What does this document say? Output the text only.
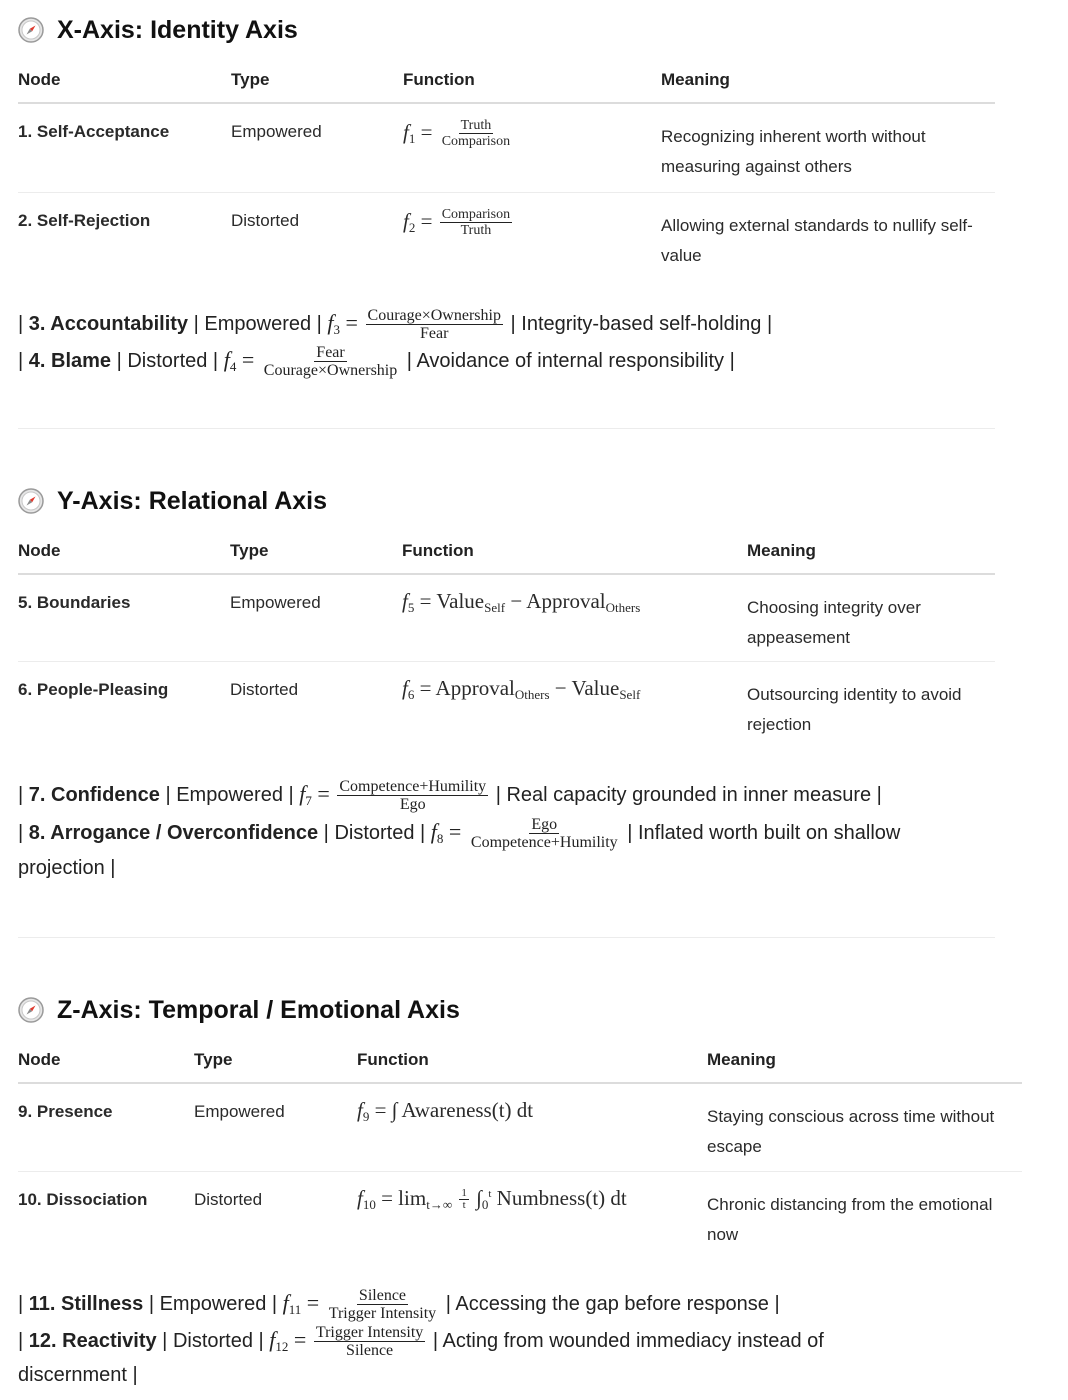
X-Axis: Identity Axis
Node	Type	Function	Meaning
1. Self-Acceptance	Empowered	$f_1 = \frac{\text{Truth}}{\text{Comparison}}$	Recognizing inherent worth without measuring against others
2. Self-Rejection	Distorted	$f_2 = \frac{\text{Comparison}}{\text{Truth}}$	Allowing external standards to nullify self-value
| 3. Accountability | Empowered | $f_3 = \frac{\text{Courage×Ownership}}{\text{Fear}}$ | Integrity-based self-holding |
| 4. Blame | Distorted | $f_4 = \frac{\text{Fear}}{\text{Courage×Ownership}}$ | Avoidance of internal responsibility |
Y-Axis: Relational Axis
Node	Type	Function	Meaning
5. Boundaries	Empowered	$f_5$ = Value$_{Self}$ − Approval$_{Others}$	Choosing integrity over appeasement
6. People-Pleasing	Distorted	$f_6$ = Approval$_{Others}$ − Value$_{Self}$	Outsourcing identity to avoid rejection
| 7. Confidence | Empowered | $f_7 = \frac{\text{Competence+Humility}}{\text{Ego}}$ | Real capacity grounded in inner measure |
| 8. Arrogance / Overconfidence | Distorted | $f_8 = \frac{\text{Ego}}{\text{Competence+Humility}}$ | Inflated worth built on shallow
projection |
Z-Axis: Temporal / Emotional Axis
Node	Type	Function	Meaning
9. Presence	Empowered	$f_9$ = ∫ Awareness(t) dt	Staying conscious across time without escape
10. Dissociation	Distorted	$f_{10} = \lim_{t\to\infty} \frac{1}{t} \int_0^t$ Numbness(t) dt	Chronic distancing from the emotional now
| 11. Stillness | Empowered | $f_{11} = \frac{\text{Silence}}{\text{Trigger Intensity}}$ | Accessing the gap before response |
| 12. Reactivity | Distorted | $f_{12} = \frac{\text{Trigger Intensity}}{\text{Silence}}$ | Acting from wounded immediacy instead of
discernment |
